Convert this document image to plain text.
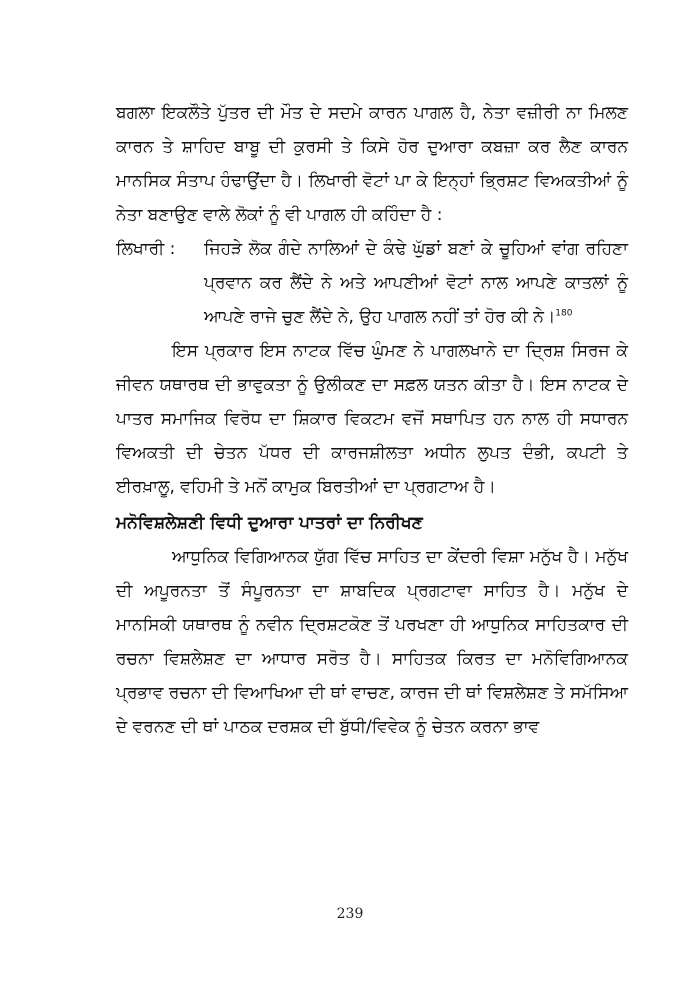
ਬਗਲਾ ਇਕਲੌਤੇ ਪੁੱਤਰ ਦੀ ਮੌਤ ਦੇ ਸਦਮੇ ਕਾਰਨ ਪਾਗਲ ਹੈ, ਨੇਤਾ ਵਜ਼ੀਰੀ ਨਾ ਮਿਲਣ ਕਾਰਨ ਤੇ ਸ਼ਾਹਿਦ ਬਾਬੂ ਦੀ ਕੁਰਸੀ ਤੇ ਕਿਸੇ ਹੋਰ ਦੁਆਰਾ ਕਬਜ਼ਾ ਕਰ ਲੈਣ ਕਾਰਨ ਮਾਨਸਿਕ ਸੰਤਾਪ ਹੰਢਾਉਂਦਾ ਹੈ। ਲਿਖਾਰੀ ਵੋਟਾਂ ਪਾ ਕੇ ਇਨ੍ਹਾਂ ਭ੍ਰਿਸ਼ਟ ਵਿਅਕਤੀਆਂ ਨੂੰ ਨੇਤਾ ਬਣਾਉਣ ਵਾਲੇ ਲੋਕਾਂ ਨੂੰ ਵੀ ਪਾਗਲ ਹੀ ਕਹਿੰਦਾ ਹੈ :

ਲਿਖਾਰੀ :	ਜਿਹੜੇ ਲੋਕ ਗੰਦੇ ਨਾਲਿਆਂ ਦੇ ਕੰਢੇ ਘੁੱਡਾਂ ਬਣਾਂ ਕੇ ਚੂਹਿਆਂ ਵਾਂਗ ਰਹਿਣਾ ਪ੍ਰਵਾਨ ਕਰ ਲੈਂਦੇ ਨੇ ਅਤੇ ਆਪਣੀਆਂ ਵੋਟਾਂ ਨਾਲ ਆਪਣੇ ਕਾਤਲਾਂ ਨੂੰ ਆਪਣੇ ਰਾਜੇ ਚੁਣ ਲੈਂਦੇ ਨੇ, ਉਹ ਪਾਗਲ ਨਹੀਂ ਤਾਂ ਹੋਰ ਕੀ ਨੇ।$^{180}$

ਇਸ ਪ੍ਰਕਾਰ ਇਸ ਨਾਟਕ ਵਿੱਚ ਘੁੰਮਣ ਨੇ ਪਾਗਲਖਾਨੇ ਦਾ ਦ੍ਰਿਸ਼ ਸਿਰਜ ਕੇ ਜੀਵਨ ਯਥਾਰਥ ਦੀ ਭਾਵੁਕਤਾ ਨੂੰ ਉਲੀਕਣ ਦਾ ਸਫ਼ਲ ਯਤਨ ਕੀਤਾ ਹੈ। ਇਸ ਨਾਟਕ ਦੇ ਪਾਤਰ ਸਮਾਜਿਕ ਵਿਰੋਧ ਦਾ ਸ਼ਿਕਾਰ ਵਿਕਟਮ ਵਜੋਂ ਸਥਾਪਿਤ ਹਨ ਨਾਲ ਹੀ ਸਧਾਰਨ ਵਿਅਕਤੀ ਦੀ ਚੇਤਨ ਪੱਧਰ ਦੀ ਕਾਰਜਸ਼ੀਲਤਾ ਅਧੀਨ ਲੁਪਤ ਦੰਭੀ, ਕਪਟੀ ਤੇ ਈਰਖ਼ਾਲੂ, ਵਹਿਮੀ ਤੇ ਮਨੋਂ ਕਾਮੁਕ ਬਿਰਤੀਆਂ ਦਾ ਪ੍ਰਗਟਾਅ ਹੈ।

ਮਨੋਵਿਸ਼ਲੇਸ਼ਣੀ ਵਿਧੀ ਦੁਆਰਾ ਪਾਤਰਾਂ ਦਾ ਨਿਰੀਖਣ

ਆਧੁਨਿਕ ਵਿਗਿਆਨਕ ਯੁੱਗ ਵਿੱਚ ਸਾਹਿਤ ਦਾ ਕੇਂਦਰੀ ਵਿਸ਼ਾ ਮਨੁੱਖ ਹੈ। ਮਨੁੱਖ ਦੀ ਅਪੂਰਨਤਾ ਤੋਂ ਸੰਪੂਰਨਤਾ ਦਾ ਸ਼ਾਬਦਿਕ ਪ੍ਰਗਟਾਵਾ ਸਾਹਿਤ ਹੈ। ਮਨੁੱਖ ਦੇ ਮਾਨਸਿਕੀ ਯਥਾਰਥ ਨੂੰ ਨਵੀਨ ਦ੍ਰਿਸ਼ਟਕੋਣ ਤੋਂ ਪਰਖਣਾ ਹੀ ਆਧੁਨਿਕ ਸਾਹਿਤਕਾਰ ਦੀ ਰਚਨਾ ਵਿਸ਼ਲੇਸ਼ਣ ਦਾ ਆਧਾਰ ਸਰੋਤ ਹੈ। ਸਾਹਿਤਕ ਕਿਰਤ ਦਾ ਮਨੋਵਿਗਿਆਨਕ ਪ੍ਰਭਾਵ ਰਚਨਾ ਦੀ ਵਿਆਖਿਆ ਦੀ ਥਾਂ ਵਾਚਣ, ਕਾਰਜ ਦੀ ਥਾਂ ਵਿਸ਼ਲੇਸ਼ਣ ਤੇ ਸਮੱਸਿਆ ਦੇ ਵਰਨਣ ਦੀ ਥਾਂ ਪਾਠਕ ਦਰਸ਼ਕ ਦੀ ਬੁੱਧੀ/ਵਿਵੇਕ ਨੂੰ ਚੇਤਨ ਕਰਨਾ ਭਾਵ

239
